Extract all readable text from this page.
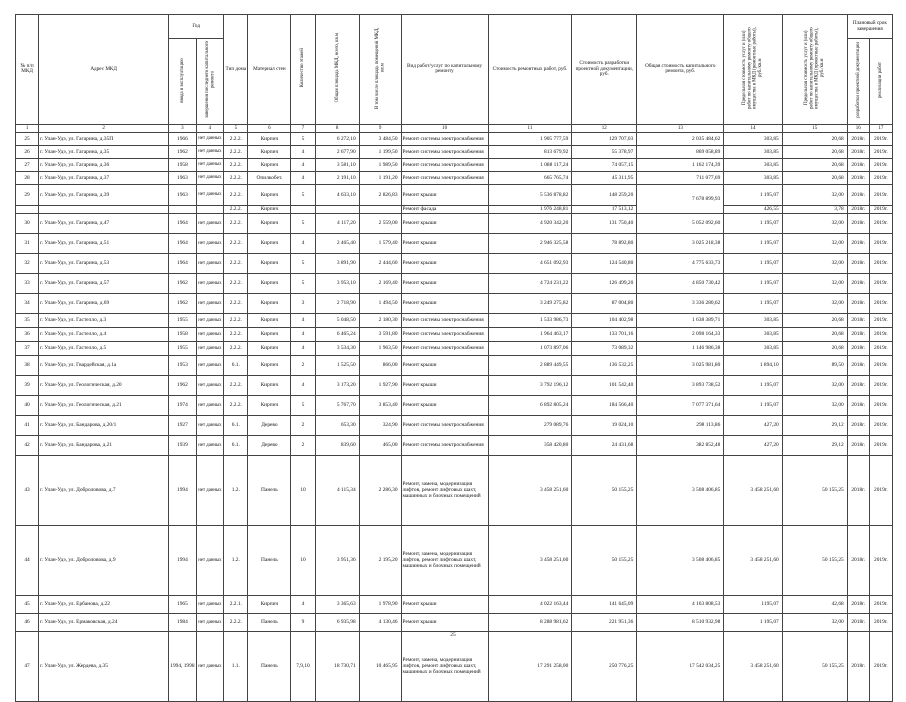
№ п/п МКД	Адрес МКД	Год		Тип дома	Материал стен	Количество этажей	Общая площадь МКД, всего, кв.м	В том числе площадь помещений МКД, кв.м	Вид работ/услуг по капитальному ремонту	Стоимость ремонтных работ, руб.	Стоимость разработки проектной документации, руб.	Общая стоимость капитального ремонта, руб.	Предельная стоимость услуг и (или) работ по капитальному ремонту общего имущества в МКД (ремонтные работы), руб./кв.м	Предельная стоимость услуг и (или) работ по капитальному ремонту общего имущества в МКД (проектные работы), руб./кв.м	Плановый срок завершения	
		ввода в эксплуатацию	завершения последнего капитального ремонта												разработки проектной документации	реализации работ
1	2	3	4	5	6	7	8	9	10	11	12	13	14	15	16	17
25	г. Улан-Удэ, ул. Гагарина, д.35П	1966	нет данных	2.2.2.	Кирпич	5	6 272,10	3 484,50	Ремонт системы электроснабжения	1 905 777,59	129 707,03	2 035 484,62	303,85	20,68	2018г.	2019г.
26	г. Улан-Удэ, ул. Гагарина, д.35	1962	нет данных	2.2.2.	Кирпич	4	2 677,90	1 199,50	Ремонт системы электроснабжения	813 679,92	55 378,97	869 058,89	303,85	20,68	2018г.	2019г.
27	г. Улан-Удэ, ул. Гагарина, д.36	1958	нет данных	2.2.2.	Кирпич	4	3 581,10	1 989,50	Ремонт системы электроснабжения	1 088 117,24	74 057,15	1 162 174,39	303,85	20,68	2018г.	2019г.
28	г. Улан-Удэ, ул. Гагарина, д.37	1963	нет данных	2.2.2.	Опилкобет.	4	2 191,10	1 191,20	Ремонт системы электроснабжения	665 765,74	45 311,95	711 077,69	303,85	20,68	2018г.	2019г.
29	г. Улан-Удэ, ул. Гагарина, д.39	1963	нет данных	2.2.2.	Кирпич	5	4 633,10	2 826,83	Ремонт крыши	5 536 878,82	148 259,20	7 678 899,93	1 195,07	32,00	2018г.	2019г.
				2.2.2.	Кирпич				Ремонт фасада	1 976 248,81	17 513,12		426,55	3,78	2018г.	2019г.
30	г. Улан-Удэ, ул. Гагарина, д.47	1964	нет данных	2.2.2.	Кирпич	5	4 117,20	2 559,00	Ремонт крыши	4 920 342,20	131 750,40	5 052 092,60	1 195,07	32,00	2018г.	2019г.
31	г. Улан-Удэ, ул. Гагарина, д.51	1964	нет данных	2.2.2.	Кирпич	4	2 465,40	1 579,40	Ремонт крыши	2 946 325,58	78 892,80	3 025 218,38	1 195,07	32,00	2018г.	2019г.
32	г. Улан-Удэ, ул. Гагарина, д.53	1964	нет данных	2.2.2.	Кирпич	5	3 891,90	2 444,60	Ремонт крыши	4 651 092,93	124 540,80	4 775 633,73	1 195,07	32,00	2018г.	2019г.
33	г. Улан-Удэ, ул. Гагарина, д.57	1962	нет данных	2.2.2.	Кирпич	5	3 953,10	2 169,40	Ремонт крыши	4 724 231,22	126 499,20	4 850 730,42	1 195,07	32,00	2018г.	2019г.
34	г. Улан-Удэ, ул. Гагарина, д.69	1962	нет данных	2.2.2.	Кирпич	3	2 718,90	1 494,50	Ремонт крыши	3 249 275,82	87 004,80	3 336 280,62	1 195,07	32,00	2018г.	2019г.
35	г. Улан-Удэ, ул. Гастелло, д.3	1955	нет данных	2.2.2.	Кирпич	4	5 048,50	2 180,30	Ремонт системы электроснабжения	1 533 986,73	104 402,98	1 638 389,71	303,85	20,68	2018г.	2019г.
36	г. Улан-Удэ, ул. Гастелло, д.4	1958	нет данных	2.2.2.	Кирпич	4	6 465,24	3 591,80	Ремонт системы электроснабжения	1 964 463,17	133 701,16	2 098 164,33	303,85	20,68	2018г.	2019г.
37	г. Улан-Удэ, ул. Гастелло, д.5	1955	нет данных	2.2.2.	Кирпич	4	3 534,30	1 963,50	Ремонт системы электроснабжения	1 073 897,06	73 089,32	1 146 986,38	303,85	20,68	2018г.	2019г.
38	г. Улан-Удэ, ул. Гвардейская, д.1а	1953	нет данных	6.1.	Кирпич	2	1 525,50	866,00	Ремонт крыши	2 889 449,55	136 532,25	3 025 981,80	1 894,10	89,50	2018г.	2019г.
39	г. Улан-Удэ, ул. Геологическая, д.20	1962	нет данных	2.2.2.	Кирпич	4	3 173,20	1 927,90	Ремонт крыши	3 792 196,12	101 542,40	3 893 738,52	1 195,07	32,00	2018г.	2019г.
40	г. Улан-Удэ, ул. Геологическая, д.21	1974	нет данных	2.2.2.	Кирпич	5	5 767,70	3 853,40	Ремонт крыши	6 892 805,24	184 566,40	7 077 371,64	1 195,07	32,00	2018г.	2019г.
41	г. Улан-Удэ, ул. Бандарова, д.20/1	1927	нет данных	6.1.	Дерево	2	653,30	324,90	Ремонт системы электроснабжения	279 089,76	19 024,10	298 113,86	427,20	29,12	2018г.	2019г.
42	г. Улан-Удэ, ул. Бандарова, д.21	1939	нет данных	6.1.	Дерево	2	839,60	465,00	Ремонт системы электроснабжения	358 420,80	24 431,68	382 852,48	427,20	29,12	2018г.	2019г.
43	г. Улан-Удэ, ул. Доброловова, д.7	1994	нет данных	1.2.	Панель	10	4 115,34	2 286,30	Ремонт, замена, модернизация лифтов, ремонт лифтовых шахт, машинных и блочных помещений	3 458 251,60	50 155,25	3 508 406,85	3 458 251,60	50 155,25	2018г.	2019г.
44	г. Улан-Удэ, ул. Доброловова, д.9	1994	нет данных	1.2.	Панель	10	3 951,36	2 195,20	Ремонт, замена, модернизация лифтов, ремонт лифтовых шахт, машинных и блочных помещений	3 458 251,60	50 155,25	3 508 406,85	3 458 251,60	50 155,25	2018г.	2019г.
45	г. Улан-Удэ, ул. Ербанова, д.22	1965	нет данных	2.2.1.	Кирпич	4	3 365,63	1 978,90	Ремонт крыши	4 022 163,44	141 645,09	4 163 808,53	1195,07	42,68	2018г.	2019г.
46	г. Улан-Удэ, ул. Ермаковская, д.24	1984	нет данных	2.2.2.	Панель	9	6 935,98	4 130,46	Ремонт крыши	8 288 981,62	221 951,36	8 510 932,98	1 195,07	32,00	2018г.	2019г.
47	г. Улан-Удэ, ул. Жердева, д.35	1994, 1998	нет данных	1.1.	Панель	7,9,10	18 730,71	10 465,95	Ремонт, замена, модернизация лифтов, ремонт лифтовых шахт, машинных и блочных помещений	17 291 258,00	250 776,25	17 542 034,25	3 458 251,60	50 155,25	2018г.	2019г.
25
